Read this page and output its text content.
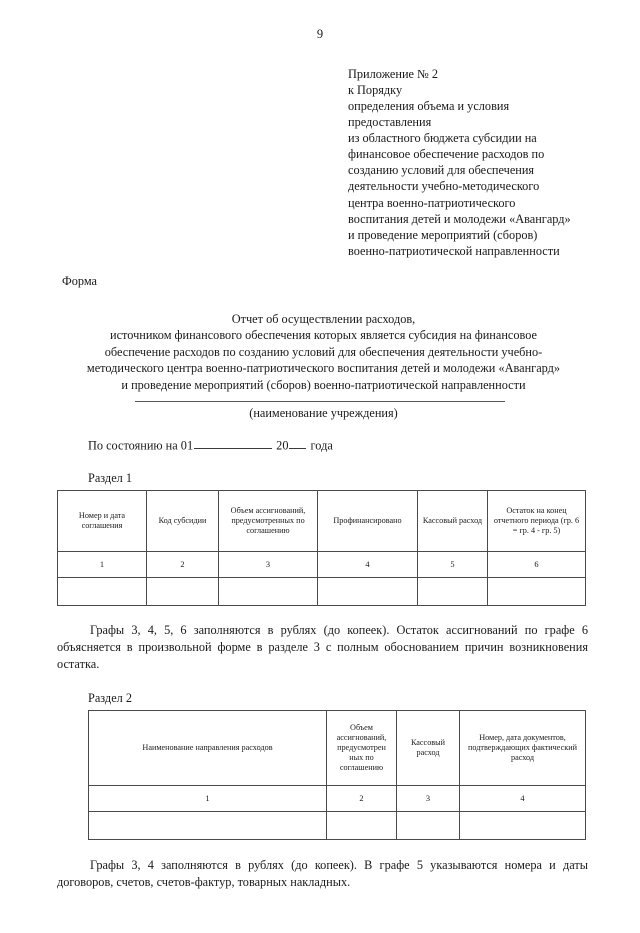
9
Приложение № 2
к Порядку
определения объема и условия
предоставления
из областного бюджета субсидии на
финансовое обеспечение расходов по
созданию условий для обеспечения
деятельности учебно-методического
центра военно-патриотического
воспитания детей и молодежи «Авангард»
и проведение мероприятий (сборов)
военно-патриотической направленности
Форма
Отчет об осуществлении расходов,
источником финансового обеспечения которых является субсидия на финансовое
обеспечение расходов по созданию условий для обеспечения деятельности учебно-
методического центра военно-патриотического воспитания детей и молодежи «Авангард»
и проведение мероприятий (сборов) военно-патриотической направленности
(наименование учреждения)
По состоянию на 01	20 года
Раздел 1
Номер и дата соглашения	Код субсидии	Объем ассигнований, предусмотренных по соглашению	Профинансировано	Кассовый расход	Остаток на конец отчетного периода (гр. 6 = гр. 4 - гр. 5)
1	2	3	4	5	6

Графы 3, 4, 5, 6 заполняются в рублях (до копеек). Остаток ассигнований по графе 6 объясняется в произвольной форме в разделе 3 с полным обоснованием причин возникновения остатка.
Раздел 2
Наименование направления расходов	Объем ассигнований, предусмотрен ных по соглашению	Кассовый расход	Номер, дата документов, подтверждающих фактический расход
1	2	3	4

Графы 3, 4 заполняются в рублях (до копеек). В графе 5 указываются номера и даты договоров, счетов, счетов-фактур, товарных накладных.
